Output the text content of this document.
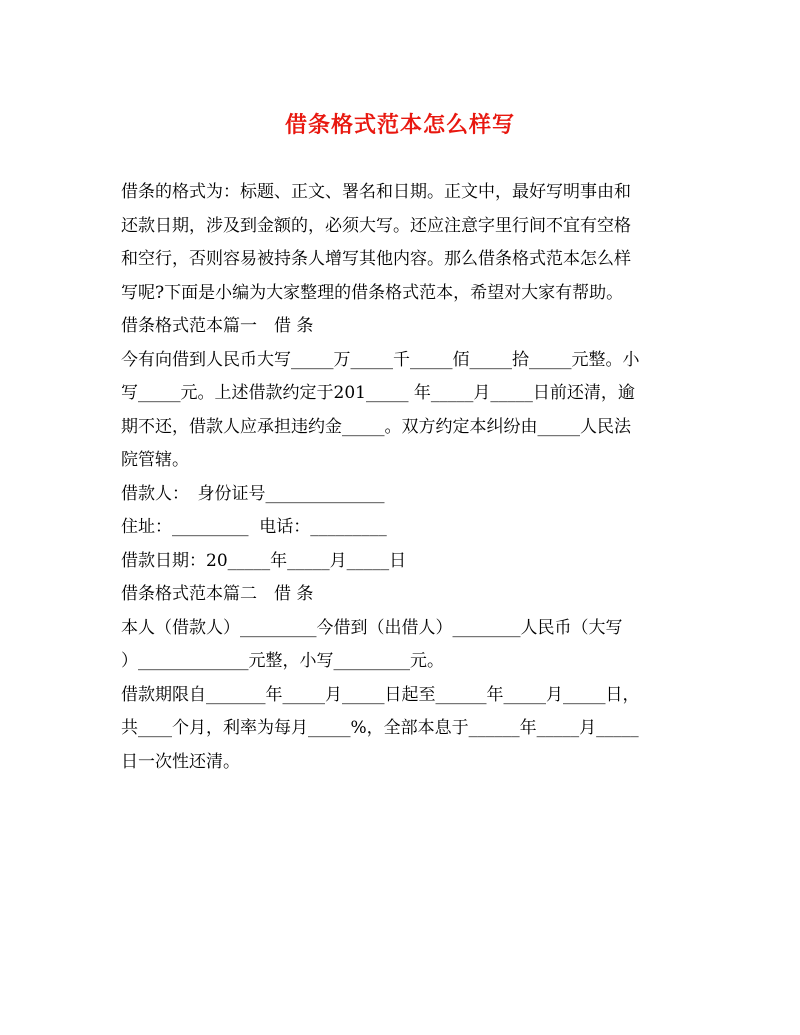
借条格式范本怎么样写

借条的格式为：标题、正文、署名和日期。正文中，最好写明事由和

还款日期，涉及到金额的，必须大写。还应注意字里行间不宜有空格

和空行，否则容易被持条人增写其他内容。那么借条格式范本怎么样

写呢?下面是小编为大家整理的借条格式范本，希望对大家有帮助。

借条格式范本篇一　借 条

今有向借到人民币大写_____万_____千_____佰_____拾_____元整。小

写_____元。上述借款约定于201_____ 年_____月_____日前还清，逾

期不还，借款人应承担违约金_____。双方约定本纠纷由_____人民法

院管辖。

借款人：　身份证号______________

住址：_________  电话：_________

借款日期：20_____年_____月_____日

借条格式范本篇二　借 条

本人（借款人）_________今借到（出借人）________人民币（大写

）_____________元整，小写_________元。

借款期限自_______年_____月_____日起至______年_____月_____日，

共____个月，利率为每月_____%，全部本息于______年_____月_____

日一次性还清。
